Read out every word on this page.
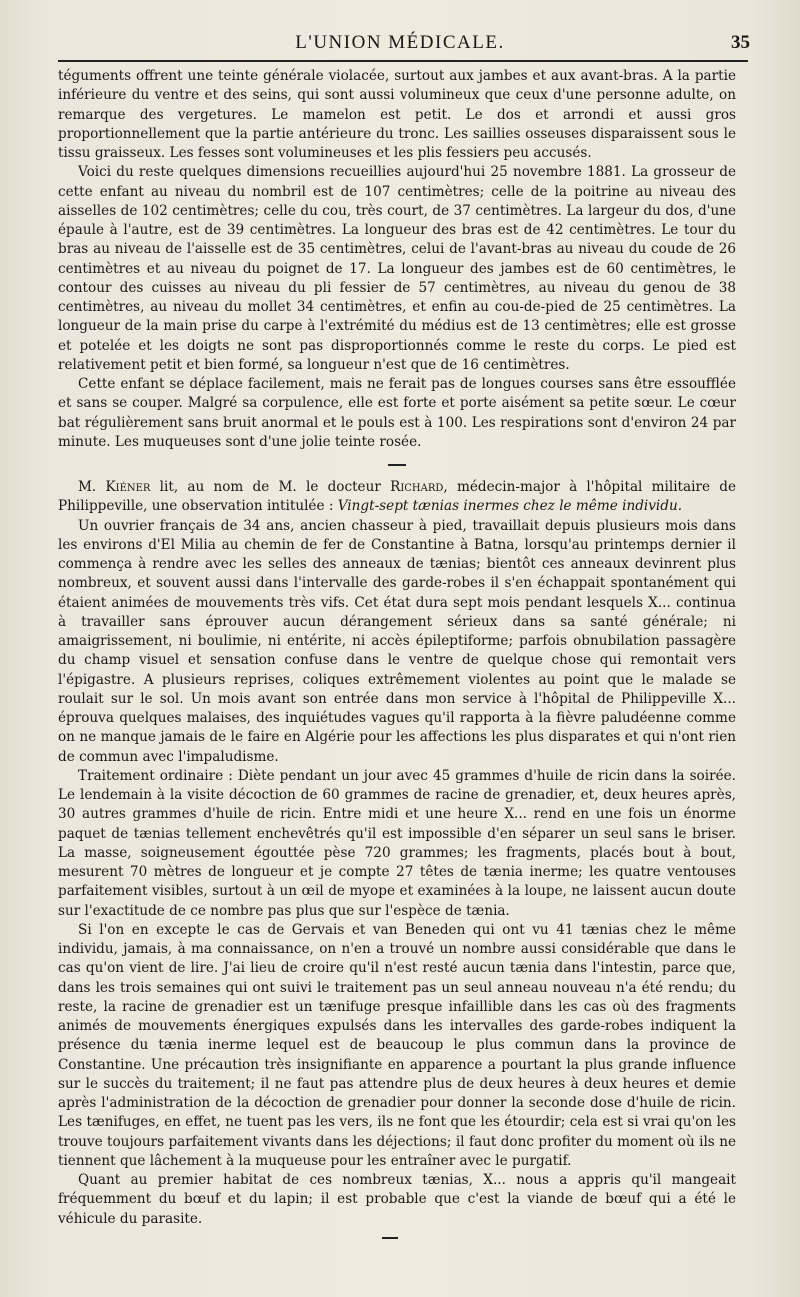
L'UNION MÉDICALE.	35

téguments offrent une teinte générale violacée, surtout aux jambes et aux avant-bras. A la partie inférieure du ventre et des seins, qui sont aussi volumineux que ceux d'une personne adulte, on remarque des vergetures. Le mamelon est petit. Le dos et arrondi et aussi gros proportionnellement que la partie antérieure du tronc. Les saillies osseuses disparaissent sous le tissu graisseux. Les fesses sont volumineuses et les plis fessiers peu accusés.

Voici du reste quelques dimensions recueillies aujourd'hui 25 novembre 1881. La grosseur de cette enfant au niveau du nombril est de 107 centimètres; celle de la poitrine au niveau des aisselles de 102 centimètres; celle du cou, très court, de 37 centimètres. La largeur du dos, d'une épaule à l'autre, est de 39 centimètres. La longueur des bras est de 42 centimètres. Le tour du bras au niveau de l'aisselle est de 35 centimètres, celui de l'avant-bras au niveau du coude de 26 centimètres et au niveau du poignet de 17. La longueur des jambes est de 60 centimètres, le contour des cuisses au niveau du pli fessier de 57 centimètres, au niveau du genou de 38 centimètres, au niveau du mollet 34 centimètres, et enfin au cou-de-pied de 25 centimètres. La longueur de la main prise du carpe à l'extrémité du médius est de 13 centimètres; elle est grosse et potelée et les doigts ne sont pas disproportionnés comme le reste du corps. Le pied est relativement petit et bien formé, sa longueur n'est que de 16 centimètres.

Cette enfant se déplace facilement, mais ne ferait pas de longues courses sans être essoufflée et sans se couper. Malgré sa corpulence, elle est forte et porte aisément sa petite sœur. Le cœur bat régulièrement sans bruit anormal et le pouls est à 100. Les respirations sont d'environ 24 par minute. Les muqueuses sont d'une jolie teinte rosée.

M. Kiéner lit, au nom de M. le docteur Richard, médecin-major à l'hôpital militaire de Philippeville, une observation intitulée : Vingt-sept tænias inermes chez le même individu.

Un ouvrier français de 34 ans, ancien chasseur à pied, travaillait depuis plusieurs mois dans les environs d'El Milia au chemin de fer de Constantine à Batna, lorsqu'au printemps dernier il commença à rendre avec les selles des anneaux de tænias; bientôt ces anneaux devinrent plus nombreux, et souvent aussi dans l'intervalle des garde-robes il s'en échappait spontanément qui étaient animées de mouvements très vifs. Cet état dura sept mois pendant lesquels X... continua à travailler sans éprouver aucun dérangement sérieux dans sa santé générale; ni amaigrissement, ni boulimie, ni entérite, ni accès épileptiforme; parfois obnubilation passagère du champ visuel et sensation confuse dans le ventre de quelque chose qui remontait vers l'épigastre. A plusieurs reprises, coliques extrêmement violentes au point que le malade se roulait sur le sol. Un mois avant son entrée dans mon service à l'hôpital de Philippeville X... éprouva quelques malaises, des inquiétudes vagues qu'il rapporta à la fièvre paludéenne comme on ne manque jamais de le faire en Algérie pour les affections les plus disparates et qui n'ont rien de commun avec l'impaludisme.

Traitement ordinaire : Diète pendant un jour avec 45 grammes d'huile de ricin dans la soirée. Le lendemain à la visite décoction de 60 grammes de racine de grenadier, et, deux heures après, 30 autres grammes d'huile de ricin. Entre midi et une heure X... rend en une fois un énorme paquet de tænias tellement enchevêtrés qu'il est impossible d'en séparer un seul sans le briser. La masse, soigneusement égouttée pèse 720 grammes; les fragments, placés bout à bout, mesurent 70 mètres de longueur et je compte 27 têtes de tænia inerme; les quatre ventouses parfaitement visibles, surtout à un œil de myope et examinées à la loupe, ne laissent aucun doute sur l'exactitude de ce nombre pas plus que sur l'espèce de tænia.

Si l'on en excepte le cas de Gervais et van Beneden qui ont vu 41 tænias chez le même individu, jamais, à ma connaissance, on n'en a trouvé un nombre aussi considérable que dans le cas qu'on vient de lire. J'ai lieu de croire qu'il n'est resté aucun tænia dans l'intestin, parce que, dans les trois semaines qui ont suivi le traitement pas un seul anneau nouveau n'a été rendu; du reste, la racine de grenadier est un tænifuge presque infaillible dans les cas où des fragments animés de mouvements énergiques expulsés dans les intervalles des garde-robes indiquent la présence du tænia inerme lequel est de beaucoup le plus commun dans la province de Constantine. Une précaution très insignifiante en apparence a pourtant la plus grande influence sur le succès du traitement; il ne faut pas attendre plus de deux heures à deux heures et demie après l'administration de la décoction de grenadier pour donner la seconde dose d'huile de ricin. Les tænifuges, en effet, ne tuent pas les vers, ils ne font que les étourdir; cela est si vrai qu'on les trouve toujours parfaitement vivants dans les déjections; il faut donc profiter du moment où ils ne tiennent que lâchement à la muqueuse pour les entraîner avec le purgatif.

Quant au premier habitat de ces nombreux tænias, X... nous a appris qu'il mangeait fréquemment du bœuf et du lapin; il est probable que c'est la viande de bœuf qui a été le véhicule du parasite.
